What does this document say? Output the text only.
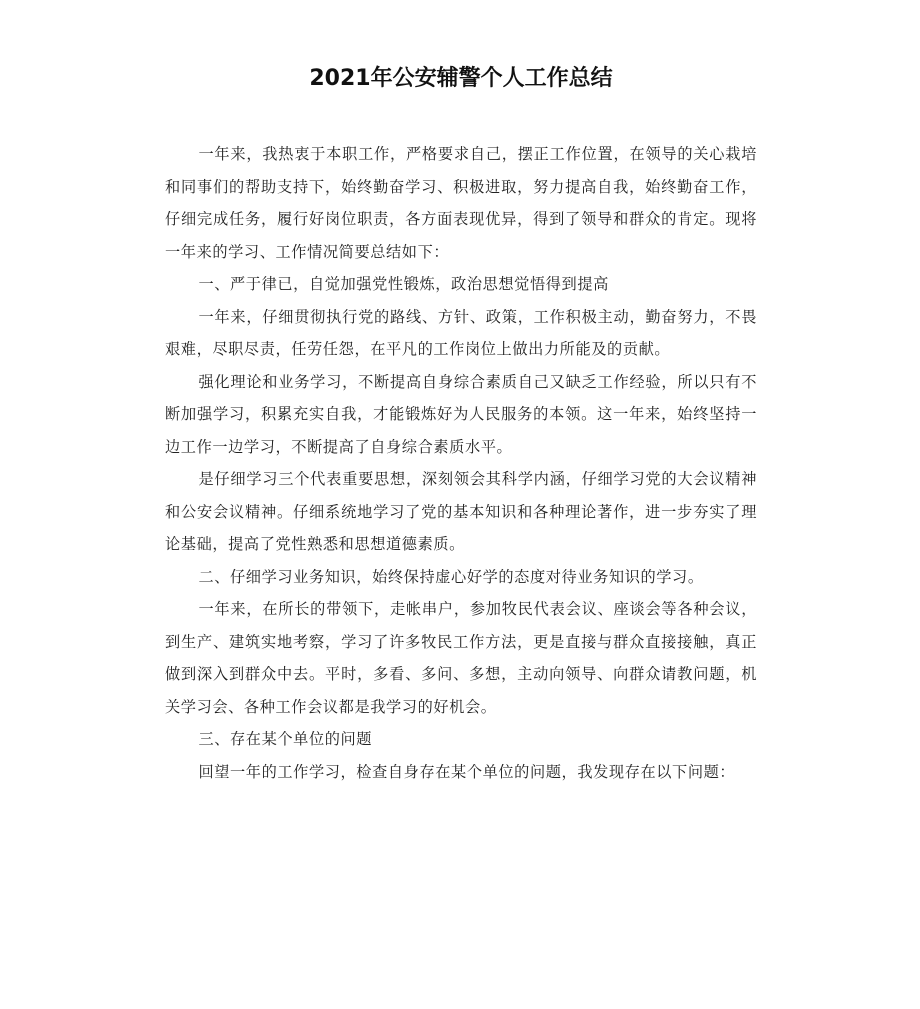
2021年公安辅警个人工作总结

一年来，我热衷于本职工作，严格要求自己，摆正工作位置，在领导的关心栽培和同事们的帮助支持下，始终勤奋学习、积极进取，努力提高自我，始终勤奋工作，仔细完成任务，履行好岗位职责，各方面表现优异，得到了领导和群众的肯定。现将一年来的学习、工作情况简要总结如下：

一、严于律已，自觉加强党性锻炼，政治思想觉悟得到提高

一年来，仔细贯彻执行党的路线、方针、政策，工作积极主动，勤奋努力，不畏艰难，尽职尽责，任劳任怨，在平凡的工作岗位上做出力所能及的贡献。

强化理论和业务学习，不断提高自身综合素质自己又缺乏工作经验，所以只有不断加强学习，积累充实自我，才能锻炼好为人民服务的本领。这一年来，始终坚持一边工作一边学习，不断提高了自身综合素质水平。

是仔细学习三个代表重要思想，深刻领会其科学内涵，仔细学习党的大会议精神和公安会议精神。仔细系统地学习了党的基本知识和各种理论著作，进一步夯实了理论基础，提高了党性熟悉和思想道德素质。

二、仔细学习业务知识，始终保持虚心好学的态度对待业务知识的学习。

一年来，在所长的带领下，走帐串户，参加牧民代表会议、座谈会等各种会议，到生产、建筑实地考察，学习了许多牧民工作方法，更是直接与群众直接接触，真正做到深入到群众中去。平时，多看、多问、多想，主动向领导、向群众请教问题，机关学习会、各种工作会议都是我学习的好机会。

三、存在某个单位的问题

回望一年的工作学习，检查自身存在某个单位的问题，我发现存在以下问题：
